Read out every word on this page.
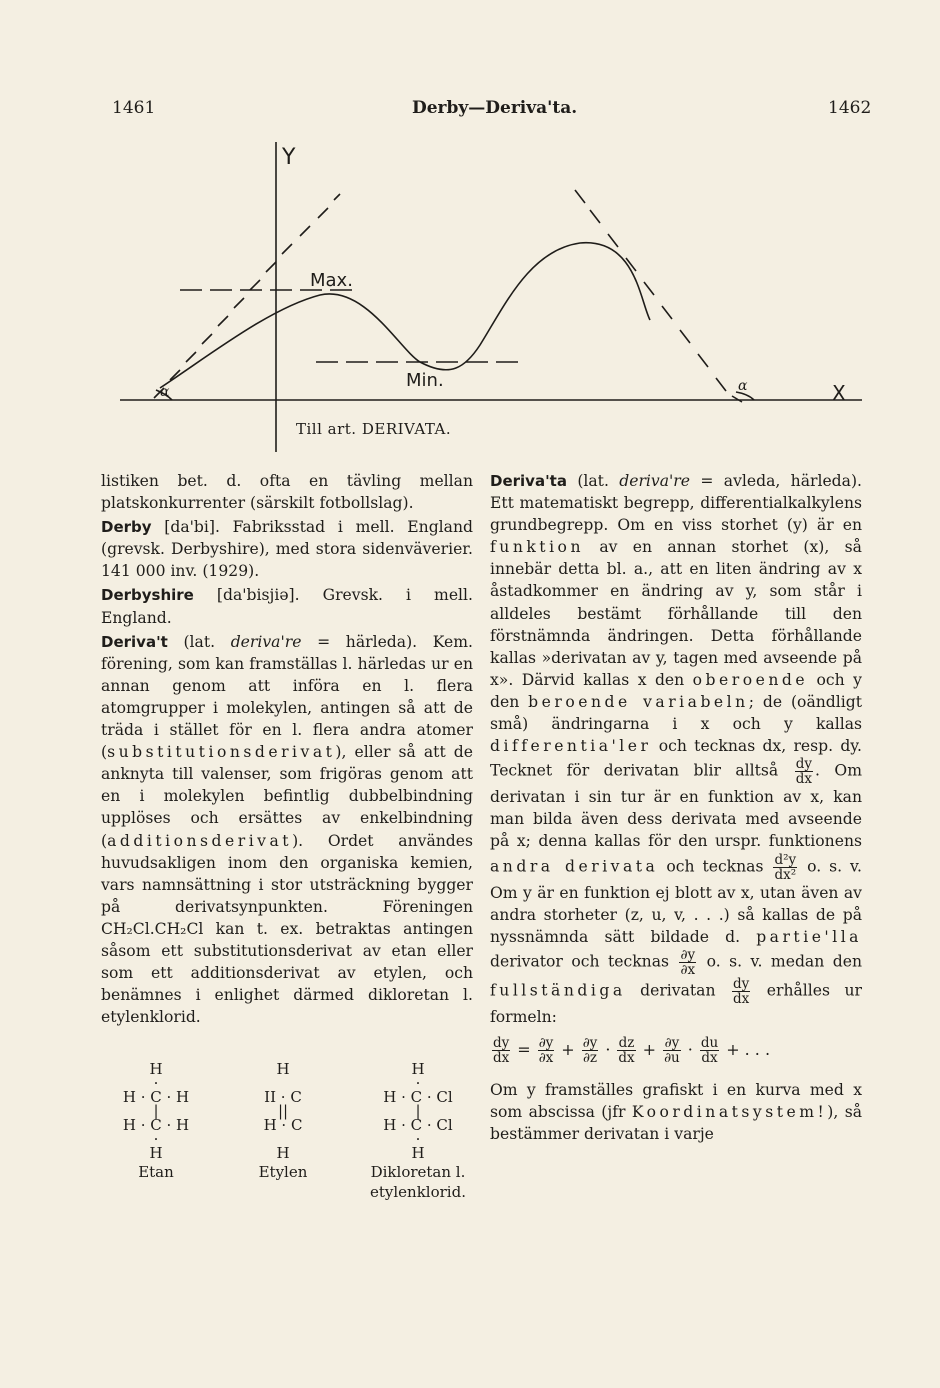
1461	Derby—Deriva'ta.	1462
Y
X
Max.
Min.
α	α
Till art. DERIVATA.

listiken bet. d. ofta en tävling mellan platskonkurrenter (särskilt fotbollslag).

Derby [da'bi]. Fabriksstad i mell. England (grevsk. Derbyshire), med stora sidenväverier. 141 000 inv. (1929).

Derbyshire [da'bisjiə]. Grevsk. i mell. England.

Deriva't (lat. deriva're = härleda). Kem. förening, som kan framställas l. härledas ur en annan genom att införa en l. flera atomgrupper i molekylen, antingen så att de träda i stället för en l. flera andra atomer (substitutionsderivat), eller så att de anknyta till valenser, som frigöras genom att en i molekylen befintlig dubbelbindning upplöses och ersättes av enkelbindning (additionsderivat). Ordet användes huvudsakligen inom den organiska kemien, vars namnsättning i stor utsträckning bygger på derivatsynpunkten. Föreningen CH₂Cl.CH₂Cl kan t. ex. betraktas antingen såsom ett substitutionsderivat av etan eller som ett additionsderivat av etylen, och benämnes i enlighet därmed dikloretan l. etylenklorid.

H
·
H · C · H
|
H · C · H
·
H
Etan
H

II · C
||
H · C

H
Etylen
H
·
H · C · Cl
|
H · C · Cl
·
H
Dikloretan l. etylenklorid.

Deriva'ta (lat. deriva're = avleda, härleda). Ett matematiskt begrepp, differentialkalkylens grundbegrepp. Om en viss storhet (y) är en funktion av en annan storhet (x), så innebär detta bl. a., att en liten ändring av x åstadkommer en ändring av y, som står i alldeles bestämt förhållande till den förstnämnda ändringen. Detta förhållande kallas »derivatan av y, tagen med avseende på x». Därvid kallas x den oberoende och y den beroende variabeln; de (oändligt små) ändringarna i x och y kallas differentia'ler och tecknas dx, resp. dy. Tecknet för derivatan blir alltså $\frac{dy}{dx}$ . Om derivatan i sin tur är en funktion av x, kan man bilda även dess derivata med avseende på x; denna kallas för den urspr. funktionens andra derivata och tecknas $\frac{\text{d²y}}{\text{dx²}} o$. s. v. Om y är en funktion ej blott av x, utan även av andra storheter (z, u, v, . . .) så kallas de på nyssnämnda sätt bildade d. partie'lla derivator och tecknas $\frac{\partial y}{\partial x} o$. s. v. medan den fullständiga derivatan $\frac{dy}{dx}$ erhålles ur formeln:

$\frac{dy}{dx} = \frac{\partial y}{\partial x} + \frac{\partial y}{\partial z} \cdot \frac{dz}{dx} + \frac{\partial y}{\partial u} \cdot \frac{du}{dx}$ + . . .

Om y framställes grafiskt i en kurva med x som abscissa (jfr Koordinatsystem!), så bestämmer derivatan i varje
